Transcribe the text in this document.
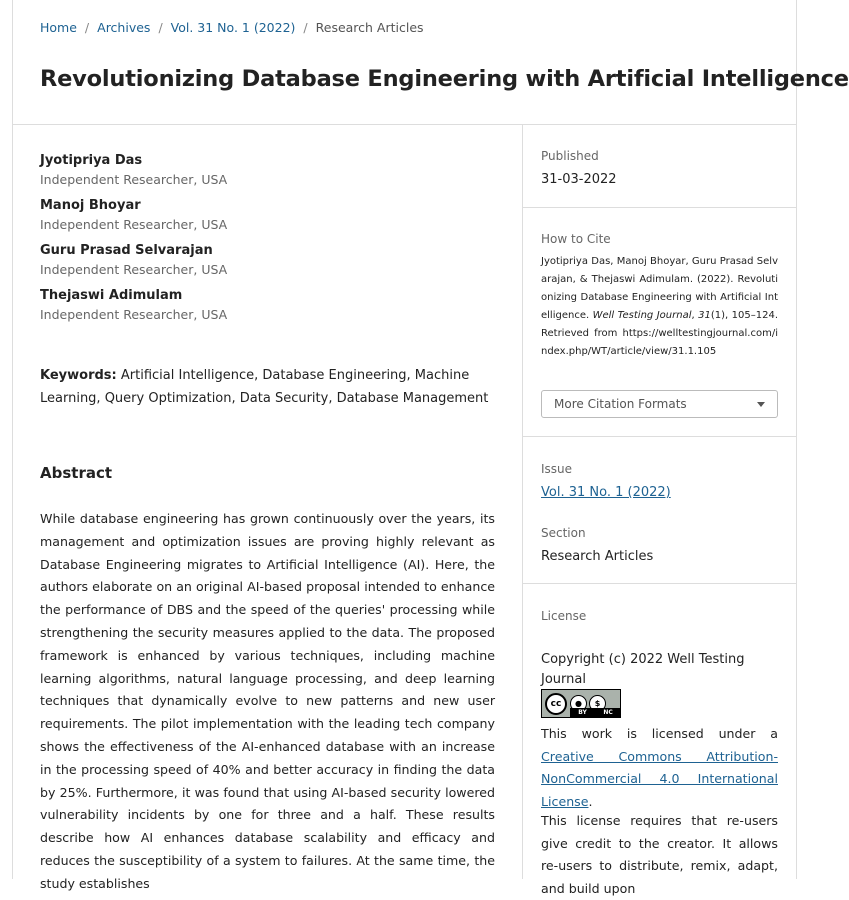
Home / Archives / Vol. 31 No. 1 (2022) / Research Articles
Revolutionizing Database Engineering with Artificial Intelligence
Jyotipriya Das
Independent Researcher, USA
Manoj Bhoyar
Independent Researcher, USA
Guru Prasad Selvarajan
Independent Researcher, USA
Thejaswi Adimulam
Independent Researcher, USA
Keywords: Artificial Intelligence, Database Engineering, Machine Learning, Query Optimization, Data Security, Database Management
Abstract

While database engineering has grown continuously over the years, its management and optimization issues are proving highly relevant as Database Engineering migrates to Artificial Intelligence (AI). Here, the authors elaborate on an original AI-based proposal intended to enhance the performance of DBS and the speed of the queries' processing while strengthening the security measures applied to the data. The proposed framework is enhanced by various techniques, including machine learning algorithms, natural language processing, and deep learning techniques that dynamically evolve to new patterns and new user requirements. The pilot implementation with the leading tech company shows the effectiveness of the AI-enhanced database with an increase in the processing speed of 40% and better accuracy in finding the data by 25%. Furthermore, it was found that using AI-based security lowered vulnerability incidents by one for three and a half. These results describe how AI enhances database scalability and efficacy and reduces the susceptibility of a system to failures. At the same time, the study establishes

Published
31-03-2022
How to Cite
Jyotipriya Das, Manoj Bhoyar, Guru Prasad Selvarajan, & Thejaswi Adimulam. (2022). Revolutionizing Database Engineering with Artificial Intelligence. Well Testing Journal, 31(1), 105–124. Retrieved from https://welltestingjournal.com/index.php/WT/article/view/31.1.105
More Citation Formats
Issue
Vol. 31 No. 1 (2022)
Section
Research Articles
License
Copyright (c) 2022 Well Testing Journal
cc	●	$
BY	NC
This work is licensed under a Creative Commons Attribution-NonCommercial 4.0 International License.
This license requires that re-users give credit to the creator. It allows re-users to distribute, remix, adapt, and build upon
